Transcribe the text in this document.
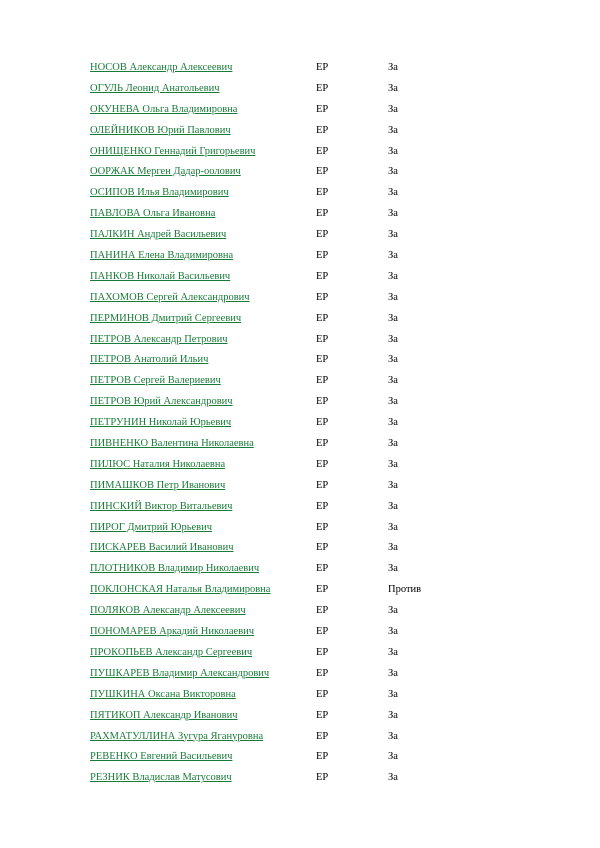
НОСОВ Александр Алексеевич	ЕР	За
ОГУЛЬ Леонид Анатольевич	ЕР	За
ОКУНЕВА Ольга Владимировна	ЕР	За
ОЛЕЙНИКОВ Юрий Павлович	ЕР	За
ОНИЩЕНКО Геннадий Григорьевич	ЕР	За
ООРЖАК Мерген Дадар-оолович	ЕР	За
ОСИПОВ Илья Владимирович	ЕР	За
ПАВЛОВА Ольга Ивановна	ЕР	За
ПАЛКИН Андрей Васильевич	ЕР	За
ПАНИНА Елена Владимировна	ЕР	За
ПАНКОВ Николай Васильевич	ЕР	За
ПАХОМОВ Сергей Александрович	ЕР	За
ПЕРМИНОВ Дмитрий Сергеевич	ЕР	За
ПЕТРОВ Александр Петрович	ЕР	За
ПЕТРОВ Анатолий Ильич	ЕР	За
ПЕТРОВ Сергей Валериевич	ЕР	За
ПЕТРОВ Юрий Александрович	ЕР	За
ПЕТРУНИН Николай Юрьевич	ЕР	За
ПИВНЕНКО Валентина Николаевна	ЕР	За
ПИЛЮС Наталия Николаевна	ЕР	За
ПИМАШКОВ Петр Иванович	ЕР	За
ПИНСКИЙ Виктор Витальевич	ЕР	За
ПИРОГ Дмитрий Юрьевич	ЕР	За
ПИСКАРЕВ Василий Иванович	ЕР	За
ПЛОТНИКОВ Владимир Николаевич	ЕР	За
ПОКЛОНСКАЯ Наталья Владимировна	ЕР	Против
ПОЛЯКОВ Александр Алексеевич	ЕР	За
ПОНОМАРЕВ Аркадий Николаевич	ЕР	За
ПРОКОПЬЕВ Александр Сергеевич	ЕР	За
ПУШКАРЕВ Владимир Александрович	ЕР	За
ПУШКИНА Оксана Викторовна	ЕР	За
ПЯТИКОП Александр Иванович	ЕР	За
РАХМАТУЛЛИНА Зугура Ягануровна	ЕР	За
РЕВЕНКО Евгений Васильевич	ЕР	За
РЕЗНИК Владислав Матусович	ЕР	За
